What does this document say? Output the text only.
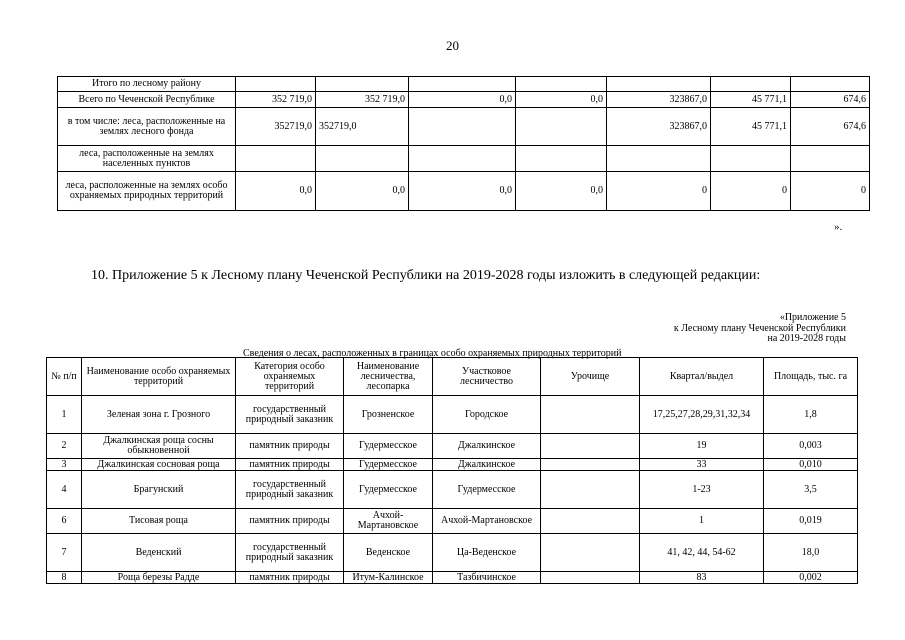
20
Итого по лесному району							
Всего по Чеченской Республике	352 719,0	352 719,0	0,0	0,0	323867,0	45 771,1	674,6
в том числе: леса, расположенные на землях лесного фонда	352719,0	352719,0			323867,0	45 771,1	674,6
леса, расположенные на землях населенных пунктов							
леса, расположенные на землях особо охраняемых природных территорий	0,0	0,0	0,0	0,0	0	0	0
».
10. Приложение 5 к Лесному плану Чеченской Республики на 2019-2028 годы изложить в следующей редакции:
«Приложение 5
к Лесному плану Чеченской Республики
на 2019-2028 годы
Сведения о лесах, расположенных в границах особо охраняемых природных территорий
№ п/п	Наименование особо охраняемых территорий	Категория особо охраняемых территорий	Наименование лесничества, лесопарка	Участковое лесничество	Урочище	Квартал/выдел	Площадь, тыс. га
1	Зеленая зона г. Грозного	государственный природный заказник	Грозненское	Городское		17,25,27,28,29,31,32,34	1,8
2	Джалкинская роща сосны обыкновенной	памятник природы	Гудермесское	Джалкинское		19	0,003
3	Джалкинская сосновая роща	памятник природы	Гудермесское	Джалкинское		33	0,010
4	Брагунский	государственный природный заказник	Гудермесское	Гудермесское		1-23	3,5
6	Тисовая роща	памятник природы	Ачхой-Мартановское	Ачхой-Мартановское		1	0,019
7	Веденский	государственный природный заказник	Веденское	Ца-Веденское		41, 42, 44, 54-62	18,0
8	Роща березы Радде	памятник природы	Итум-Калинское	Тазбичинское		83	0,002
